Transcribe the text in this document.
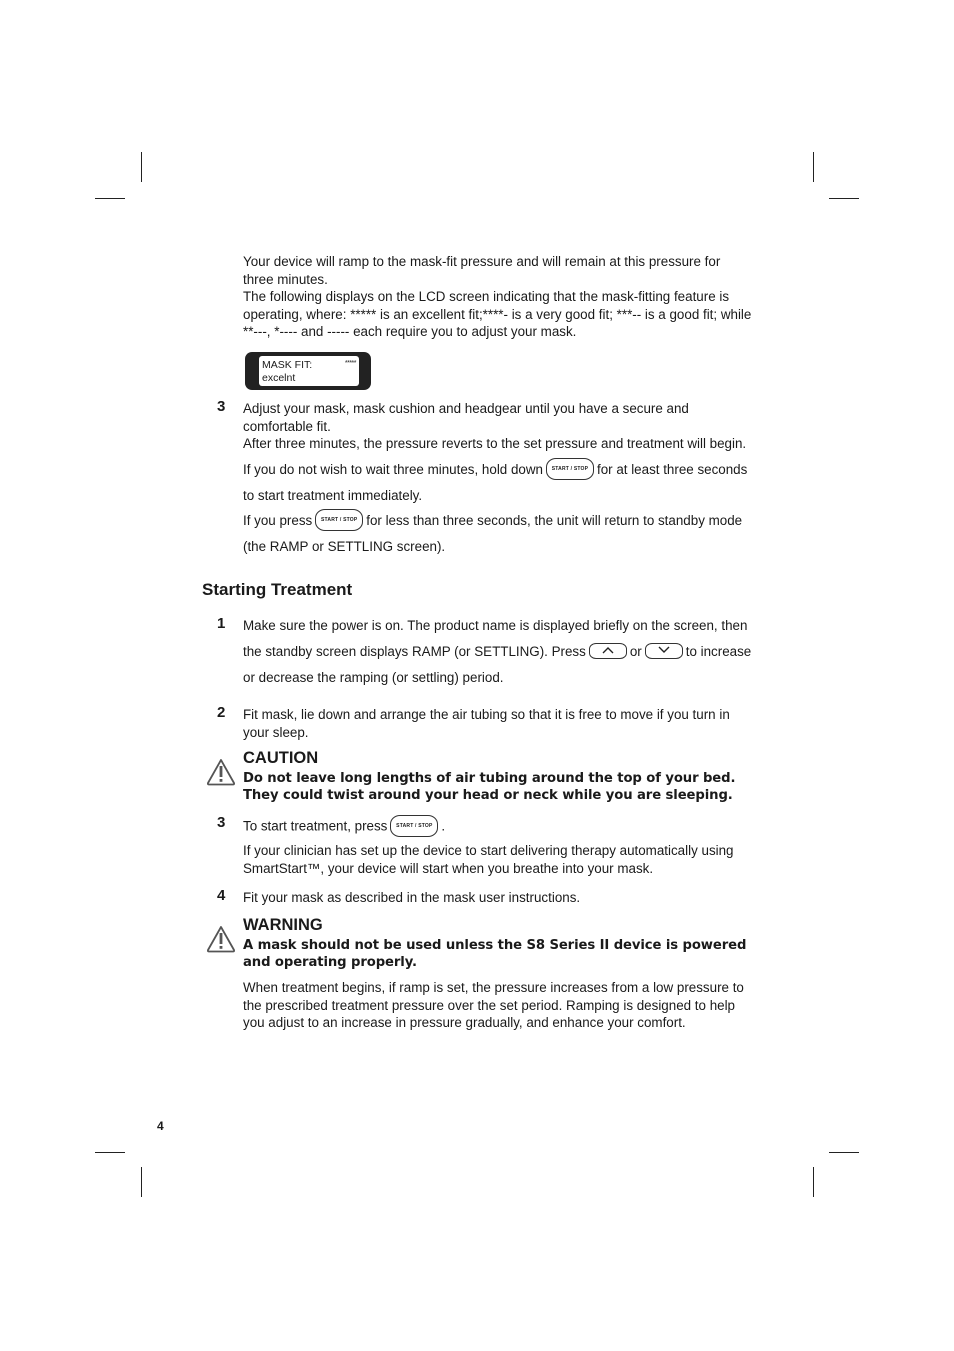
Your device will ramp to the mask-fit pressure and will remain at this pressure for three minutes.

The following displays on the LCD screen indicating that the mask-fitting feature is operating, where: ***** is an excellent fit;****- is a very good fit; ***-- is a good fit; while **---, *---- and ----- each require you to adjust your mask.

MASK FIT:
excelnt
*****
3 Adjust your mask, mask cushion and headgear until you have a secure and comfortable fit.

After three minutes, the pressure reverts to the set pressure and treatment will begin. If you do not wish to wait three minutes, hold down START / STOP for at least three seconds to start treatment immediately.

If you press START / STOP for less than three seconds, the unit will return to standby mode (the RAMP or SETTLING screen).

Starting Treatment
1 Make sure the power is on. The product name is displayed briefly on the screen, then the standby screen displays RAMP (or SETTLING). Press	or	to increase or decrease the ramping (or settling) period.

2 Fit mask, lie down and arrange the air tubing so that it is free to move if you turn in your sleep.

CAUTION

Do not leave long lengths of air tubing around the top of your bed. They could twist around your head or neck while you are sleeping.

3 To start treatment, press START / STOP .

If your clinician has set up the device to start delivering therapy automatically using SmartStart™, your device will start when you breathe into your mask.

4 Fit your mask as described in the mask user instructions.

WARNING

A mask should not be used unless the S8 Series II device is powered and operating properly.

When treatment begins, if ramp is set, the pressure increases from a low pressure to the prescribed treatment pressure over the set period. Ramping is designed to help you adjust to an increase in pressure gradually, and enhance your comfort.

4
